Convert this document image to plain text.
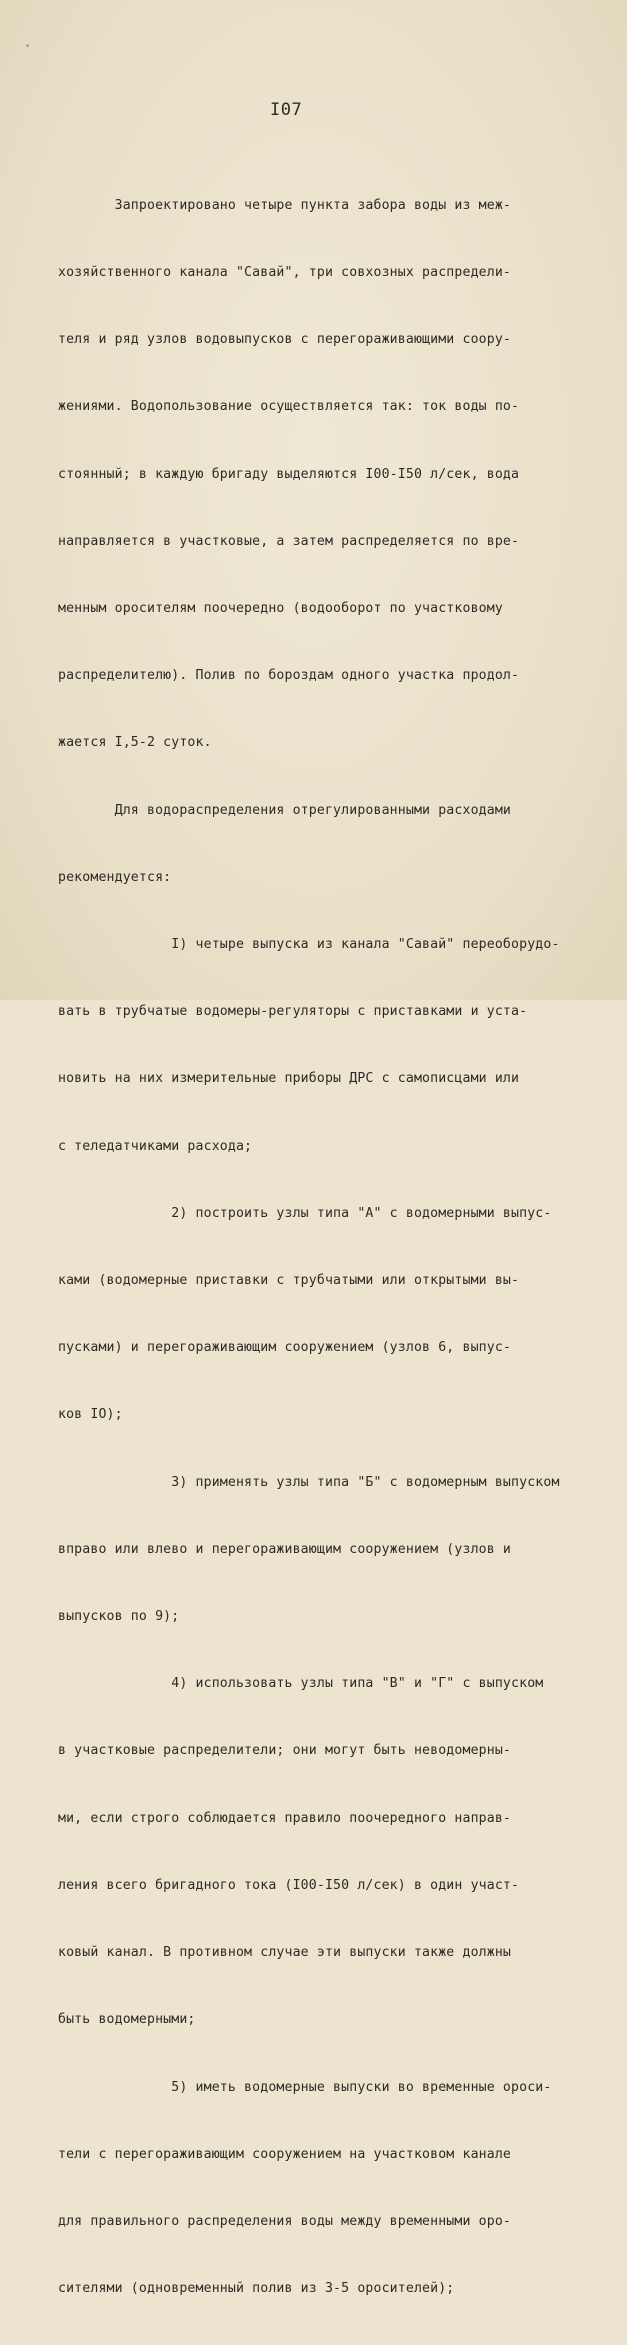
I07

Запроектировано четыре пункта забора воды из меж-

хозяйственного канала "Савай", три совхозных распредели-

теля и ряд узлов водовыпусков с перегораживающими соору-

жениями. Водопользование осуществляется так: ток воды по-

стоянный; в каждую бригаду выделяются I00-I50 л/сек, вода

направляется в участковые, а затем распределяется по вре-

менным оросителям поочередно (водооборот по участковому

распределителю). Полив по бороздам одного участка продол-

жается I,5-2 суток.

Для водораспределения отрегулированными расходами

рекомендуется:

I) четыре выпуска из канала "Савай" переоборудо-

вать в трубчатые водомеры-регуляторы с приставками и уста-

новить на них измерительные приборы ДРС с самописцами или

с теледатчиками расхода;

2) построить узлы типа "А" с водомерными выпус-

ками (водомерные приставки с трубчатыми или открытыми вы-

пусками) и перегораживающим сооружением (узлов 6, выпус-

ков IO);

3) применять узлы типа "Б" с водомерным выпуском

вправо или влево и перегораживающим сооружением (узлов и

выпусков по 9);

4) использовать узлы типа "В" и "Г" с выпуском

в участковые распределители; они могут быть неводомерны-

ми, если строго соблюдается правило поочередного направ-

ления всего бригадного тока (I00-I50 л/сек) в один участ-

ковый канал. В противном случае эти выпуски также должны

быть водомерными;

5) иметь водомерные выпуски во временные ороси-

тели с перегораживающим сооружением на участковом канале

для правильного распределения воды между временными оро-

сителями (одновременный полив из 3-5 оросителей);
